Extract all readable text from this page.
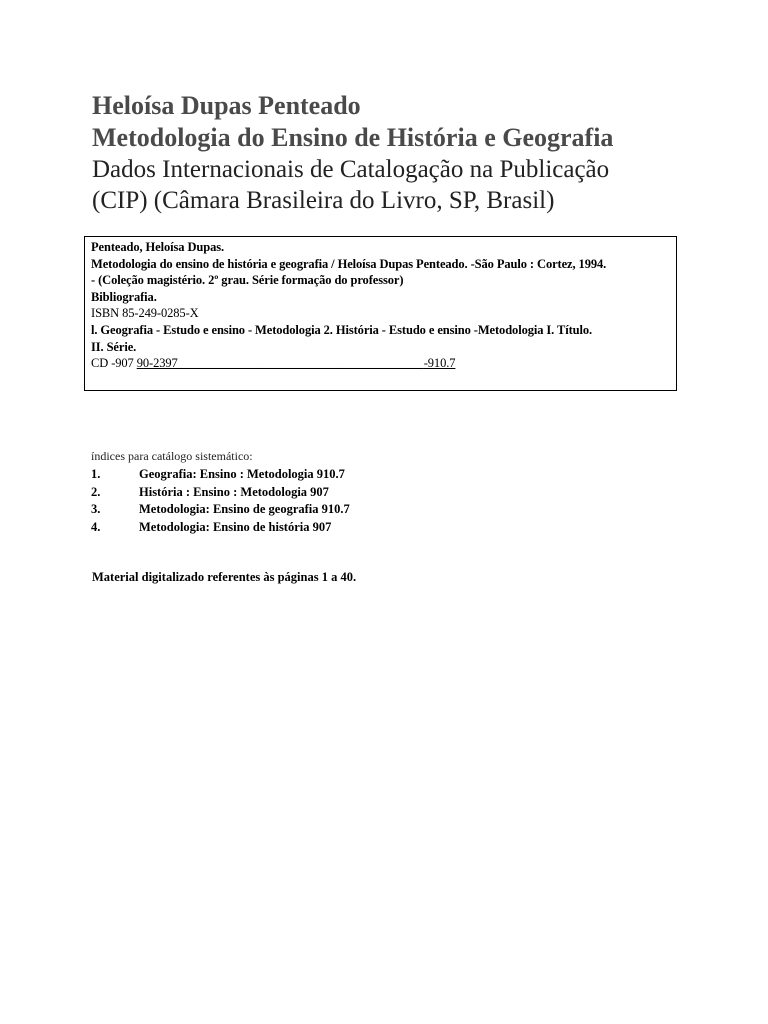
Heloísa Dupas Penteado
Metodologia do Ensino de História e Geografia
Dados Internacionais de Catalogação na Publicação
(CIP) (Câmara Brasileira do Livro, SP, Brasil)
Penteado, Heloísa Dupas.
Metodologia do ensino de história e geografia / Heloísa Dupas Penteado. -São Paulo : Cortez, 1994.
- (Coleção magistério. 2º grau. Série formação do professor)
Bibliografia.
ISBN 85-249-0285-X
l. Geografia - Estudo e ensino - Metodologia 2. História - Estudo e ensino -Metodologia I. Título.
II. Série.
CD -907 90-2397________________________________________-910.7
índices para catálogo sistemático:
1.	Geografia: Ensino : Metodologia 910.7
2.	História : Ensino : Metodologia 907
3.	Metodologia: Ensino de geografia 910.7
4.	Metodologia: Ensino de história 907
Material digitalizado referentes às páginas 1 a 40.
